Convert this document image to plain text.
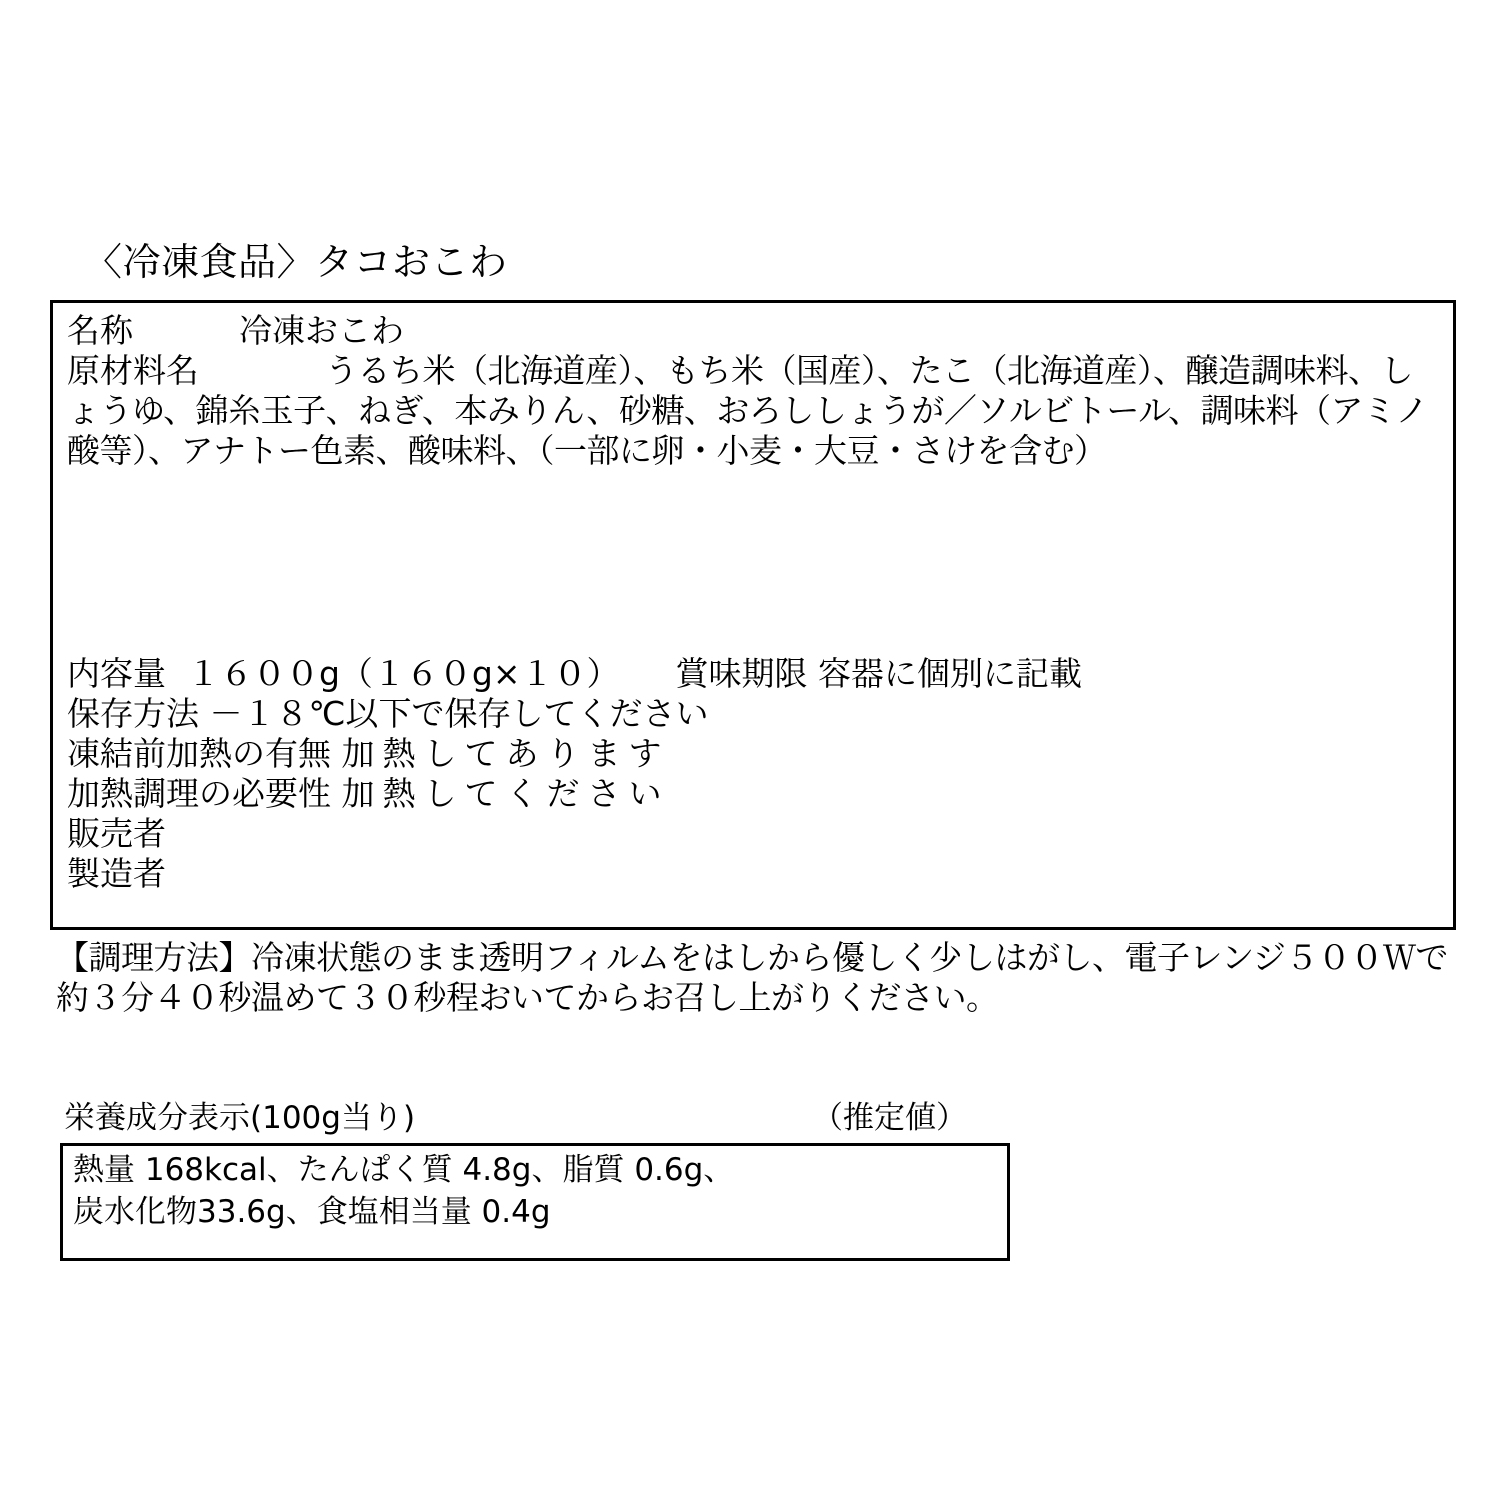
〈冷凍食品〉タコおこわ
名称	冷凍おこわ
原材料名	うるち米（北海道産）、もち米（国産）、たこ（北海道産）、醸造調味料、しょうゆ、錦糸玉子、ねぎ、本みりん、砂糖、おろししょうが／ソルビトール、調味料（アミノ酸等）、アナトー色素、酸味料、（一部に卵・小麦・大豆・さけを含む）
内容量 １６００g（１６０g×１０） 賞味期限 容器に個別に記載
保存方法 －１８℃以下で保存してください
凍結前加熱の有無 加熱してあります
加熱調理の必要性 加熱してください
販売者
製造者
【調理方法】冷凍状態のまま透明フィルムをはしから優しく少しはがし、電子レンジ５００Ｗで約３分４０秒温めて３０秒程おいてからお召し上がりください。
栄養成分表示(100g当り)	（推定値）
熱量 168kcal、たんぱく質 4.8g、脂質 0.6g、
炭水化物33.6g、食塩相当量 0.4g
